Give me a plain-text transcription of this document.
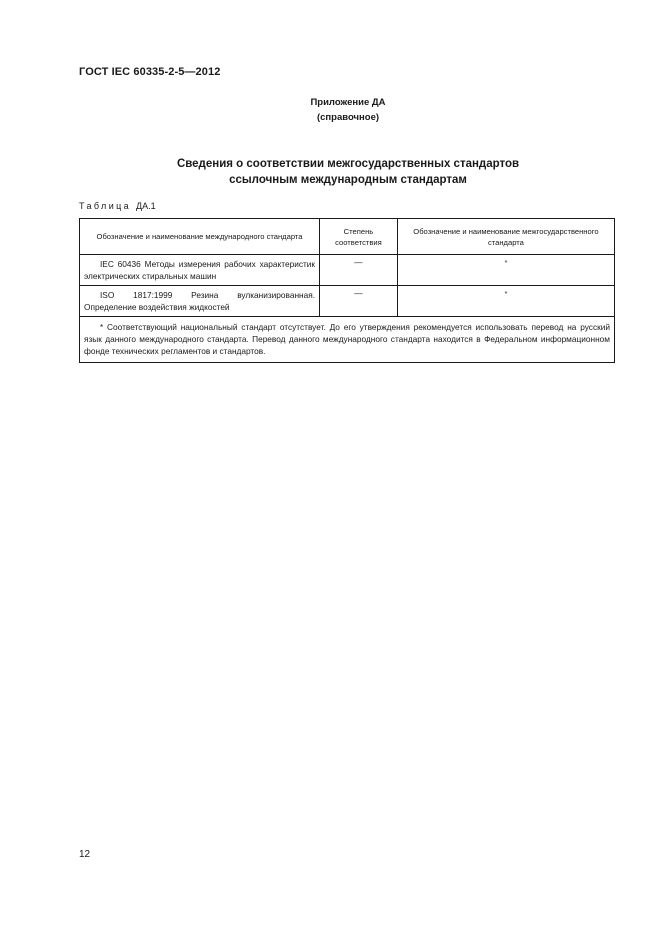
ГОСТ IEC 60335-2-5—2012
Приложение ДА
(справочное)
Сведения о соответствии межгосударственных стандартов
ссылочным международным стандартам
Таблица ДА.1
Обозначение и наименование международного стандарта	Степень соответствия	Обозначение и наименование межгосударственного стандарта
IEC 60436 Методы измерения рабочих характеристик электрических стиральных машин	—	*
ISO 1817:1999 Резина вулканизированная. Определение воздействия жидкостей	—	*
* Соответствующий национальный стандарт отсутствует. До его утверждения рекомендуется использовать перевод на русский язык данного международного стандарта. Перевод данного международного стандарта находится в Федеральном информационном фонде технических регламентов и стандартов.		
12
